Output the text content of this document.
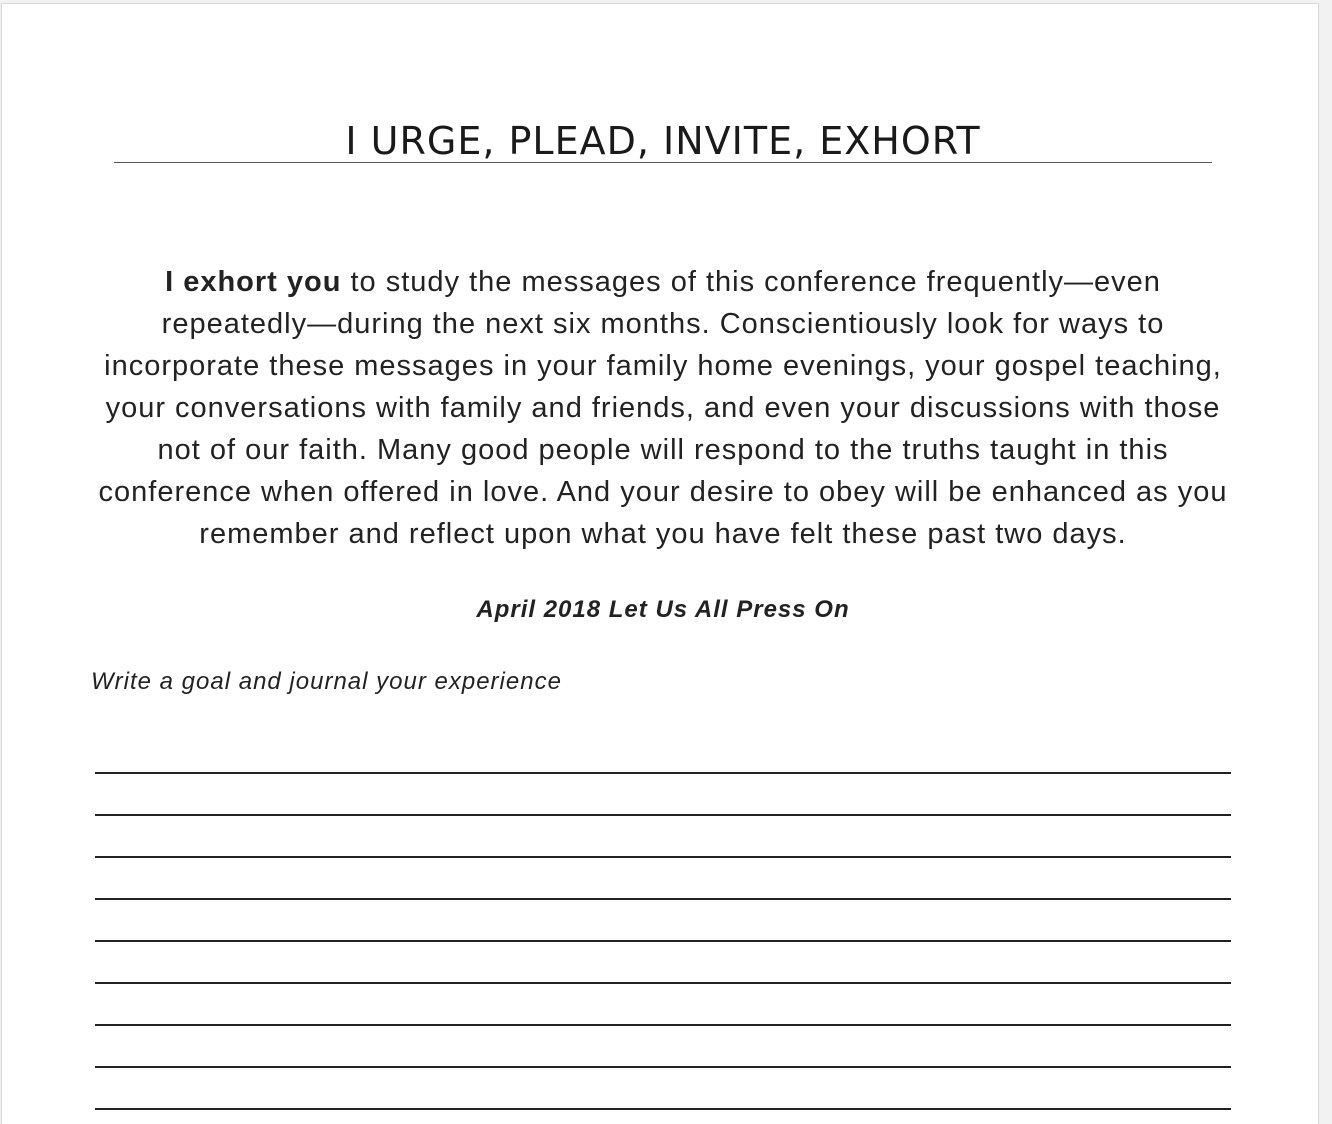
I URGE, PLEAD, INVITE, EXHORT
I exhort you to study the messages of this conference frequently—even repeatedly—during the next six months. Conscientiously look for ways to incorporate these messages in your family home evenings, your gospel teaching, your conversations with family and friends, and even your discussions with those not of our faith. Many good people will respond to the truths taught in this conference when offered in love. And your desire to obey will be enhanced as you remember and reflect upon what you have felt these past two days.
April 2018 Let Us All Press On
Write a goal and journal your experience
